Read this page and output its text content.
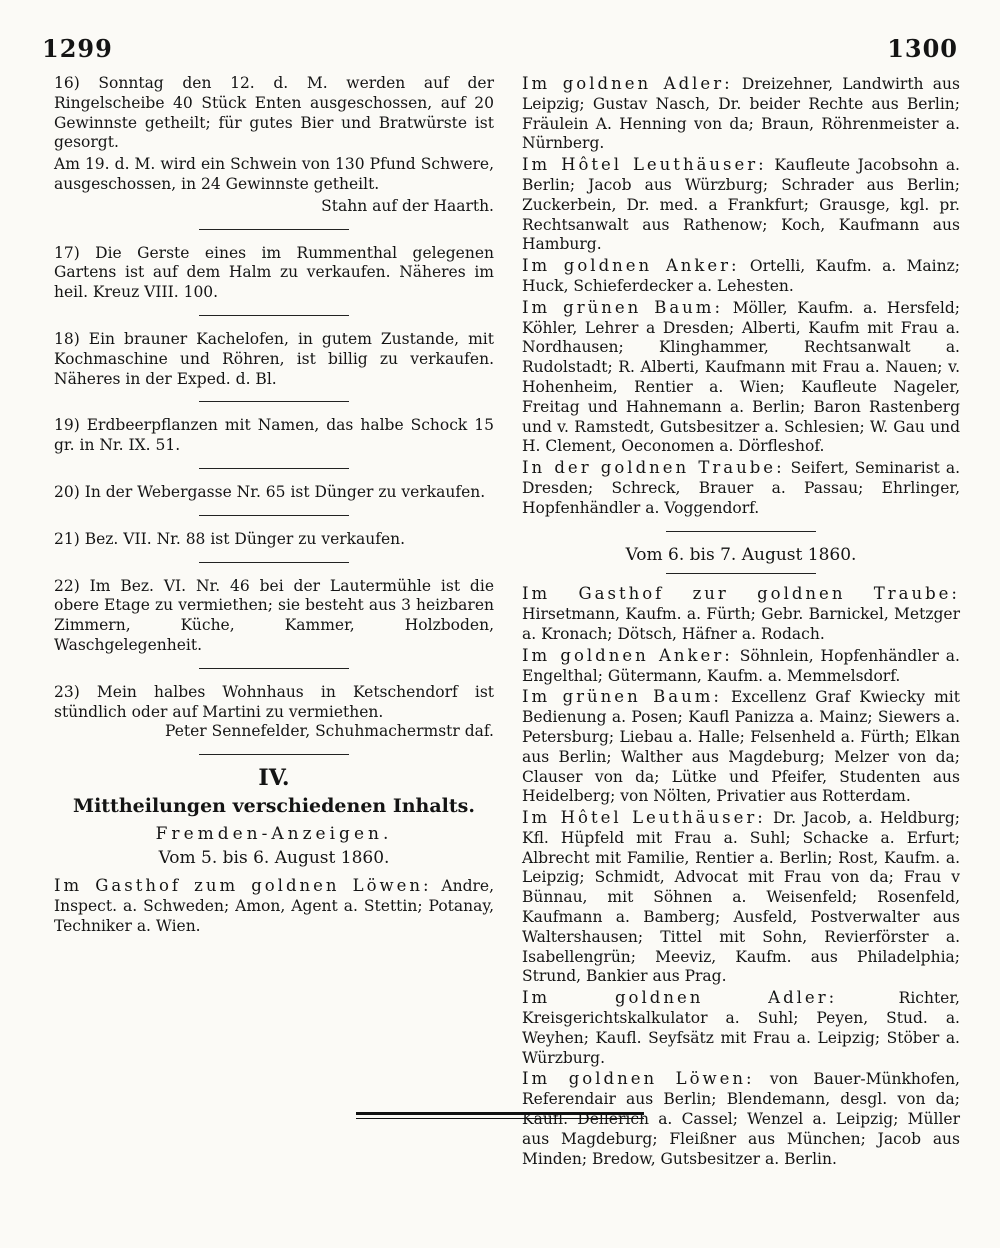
1299	1300

16) Sonntag den 12. d. M. werden auf der Ringelscheibe 40 Stück Enten ausgeschossen, auf 20 Gewinnste getheilt; für gutes Bier und Bratwürste ist gesorgt.

Am 19. d. M. wird ein Schwein von 130 Pfund Schwere, ausgeschossen, in 24 Gewinnste getheilt.

Stahn auf der Haarth.

17) Die Gerste eines im Rummenthal gelegenen Gartens ist auf dem Halm zu verkaufen. Näheres im heil. Kreuz VIII. 100.

18) Ein brauner Kachelofen, in gutem Zustande, mit Kochmaschine und Röhren, ist billig zu verkaufen. Näheres in der Exped. d. Bl.

19) Erdbeerpflanzen mit Namen, das halbe Schock 15 gr. in Nr. IX. 51.

20) In der Webergasse Nr. 65 ist Dünger zu verkaufen.

21) Bez. VII. Nr. 88 ist Dünger zu verkaufen.

22) Im Bez. VI. Nr. 46 bei der Lautermühle ist die obere Etage zu vermiethen; sie besteht aus 3 heizbaren Zimmern, Küche, Kammer, Holzboden, Waschgelegenheit.

23) Mein halbes Wohnhaus in Ketschendorf ist stündlich oder auf Martini zu vermiethen.

Peter Sennefelder, Schuhmachermstr daf.

IV.
Mittheilungen verschiedenen Inhalts.
Fremden-Anzeigen.
Vom 5. bis 6. August 1860.

Im Gasthof zum goldnen Löwen: Andre, Inspect. a. Schweden; Amon, Agent a. Stettin; Potanay, Techniker a. Wien.

Im goldnen Adler: Dreizehner, Landwirth aus Leipzig; Gustav Nasch, Dr. beider Rechte aus Berlin; Fräulein A. Henning von da; Braun, Röhrenmeister a. Nürnberg.

Im Hôtel Leuthäuser: Kaufleute Jacobsohn a. Berlin; Jacob aus Würzburg; Schrader aus Berlin; Zuckerbein, Dr. med. a Frankfurt; Grausge, kgl. pr. Rechtsanwalt aus Rathenow; Koch, Kaufmann aus Hamburg.

Im goldnen Anker: Ortelli, Kaufm. a. Mainz; Huck, Schieferdecker a. Lehesten.

Im grünen Baum: Möller, Kaufm. a. Hersfeld; Köhler, Lehrer a Dresden; Alberti, Kaufm mit Frau a. Nordhausen; Klinghammer, Rechtsanwalt a. Rudolstadt; R. Alberti, Kaufmann mit Frau a. Nauen; v. Hohenheim, Rentier a. Wien; Kaufleute Nageler, Freitag und Hahnemann a. Berlin; Baron Rastenberg und v. Ramstedt, Gutsbesitzer a. Schlesien; W. Gau und H. Clement, Oeconomen a. Dörfleshof.

In der goldnen Traube: Seifert, Seminarist a. Dresden; Schreck, Brauer a. Passau; Ehrlinger, Hopfenhändler a. Voggendorf.

Vom 6. bis 7. August 1860.

Im Gasthof zur goldnen Traube: Hirsetmann, Kaufm. a. Fürth; Gebr. Barnickel, Metzger a. Kronach; Dötsch, Häfner a. Rodach.

Im goldnen Anker: Söhnlein, Hopfenhändler a. Engelthal; Gütermann, Kaufm. a. Memmelsdorf.

Im grünen Baum: Excellenz Graf Kwiecky mit Bedienung a. Posen; Kaufl Panizza a. Mainz; Siewers a. Petersburg; Liebau a. Halle; Felsenheld a. Fürth; Elkan aus Berlin; Walther aus Magdeburg; Melzer von da; Clauser von da; Lütke und Pfeifer, Studenten aus Heidelberg; von Nölten, Privatier aus Rotterdam.

Im Hôtel Leuthäuser: Dr. Jacob, a. Heldburg; Kfl. Hüpfeld mit Frau a. Suhl; Schacke a. Erfurt; Albrecht mit Familie, Rentier a. Berlin; Rost, Kaufm. a. Leipzig; Schmidt, Advocat mit Frau von da; Frau v Bünnau, mit Söhnen a. Weisenfeld; Rosenfeld, Kaufmann a. Bamberg; Ausfeld, Postverwalter aus Waltershausen; Tittel mit Sohn, Revierförster a. Isabellengrün; Meeviz, Kaufm. aus Philadelphia; Strund, Bankier aus Prag.

Im goldnen Adler:	Richter, Kreisgerichtskalkulator a. Suhl; Peyen, Stud. a. Weyhen; Kaufl. Seyfsätz mit Frau a. Leipzig; Stöber a. Würzburg.

Im goldnen Löwen: von Bauer-Münkhofen, Referendair aus Berlin; Blendemann, desgl. von da; Kaufl. Dellerich a. Cassel; Wenzel a. Leipzig; Müller aus Magdeburg; Fleißner aus München; Jacob aus Minden; Bredow, Gutsbesitzer a. Berlin.
